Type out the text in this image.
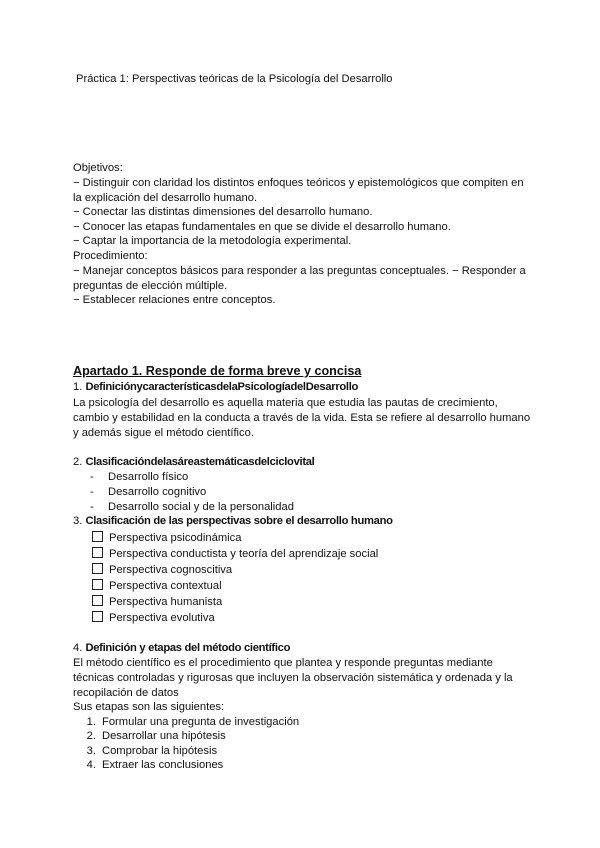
Práctica 1: Perspectivas teóricas de la Psicología del Desarrollo
Objetivos:
− Distinguir con claridad los distintos enfoques teóricos y epistemológicos que compiten en
la explicación del desarrollo humano.
− Conectar las distintas dimensiones del desarrollo humano.
− Conocer las etapas fundamentales en que se divide el desarrollo humano.
− Captar la importancia de la metodología experimental.
Procedimiento:
− Manejar conceptos básicos para responder a las preguntas conceptuales. − Responder a
preguntas de elección múltiple.
− Establecer relaciones entre conceptos.
Apartado 1. Responde de forma breve y concisa
1. DefiniciónycaracterísticasdelaPsicologíadelDesarrollo
La psicología del desarrollo es aquella materia que estudia las pautas de crecimiento,
cambio y estabilidad en la conducta a través de la vida. Esta se refiere al desarrollo humano
y además sigue el método científico.
2. Clasificacióndelasáreastemáticasdelciclovital
- Desarrollo físico
- Desarrollo cognitivo
- Desarrollo social y de la personalidad
3. Clasificación de las perspectivas sobre el desarrollo humano
Perspectiva psicodinámica
Perspectiva conductista y teoría del aprendizaje social
Perspectiva cognoscitiva
Perspectiva contextual
Perspectiva humanista
Perspectiva evolutiva
4. Definición y etapas del método científico
El método científico es el procedimiento que plantea y responde preguntas mediante
técnicas controladas y rigurosas que incluyen la observación sistemática y ordenada y la
recopilación de datos
Sus etapas son las siguientes:
1. Formular una pregunta de investigación
2. Desarrollar una hipótesis
3. Comprobar la hipótesis
4. Extraer las conclusiones
